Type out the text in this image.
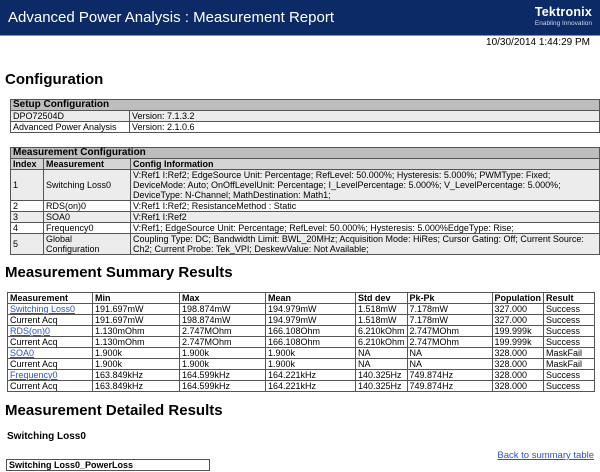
Advanced Power Analysis : Measurement Report	Tektronix
Enabling Innovation
10/30/2014 1:44:29 PM
Configuration
Setup Configuration	
DPO72504D	Version: 7.1.3.2
Advanced Power Analysis	Version: 2.1.0.6
Measurement Configuration		
Index	Measurement	Config Information
1	Switching Loss0	V:Ref1 I:Ref2; EdgeSource Unit: Percentage; RefLevel: 50.000%; Hysteresis: 5.000%; PWMType: Fixed; DeviceMode: Auto; OnOffLevelUnit: Percentage; I_LevelPercentage: 5.000%; V_LevelPercentage: 5.000%; DeviceType: N-Channel; MathDestination: Math1;
2	RDS(on)0	V:Ref1 I:Ref2; ResistanceMethod : Static
3	SOA0	V:Ref1 I:Ref2
4	Frequency0	V:Ref1; EdgeSource Unit: Percentage; RefLevel: 50.000%; Hysteresis: 5.000%EdgeType: Rise;
5	Global Configuration	Coupling Type: DC; Bandwidth Limit: BWL_20MHz; Acquisition Mode: HiRes; Cursor Gating: Off; Current Source: Ch2; Current Probe: Tek_VPI; DeskewValue: Not Available;
Measurement Summary Results
Measurement	Min	Max	Mean	Std dev	Pk-Pk	Population	Result
Switching Loss0	191.697mW	198.874mW	194.979mW	1.518mW	7.178mW	327.000	Success
Current Acq	191.697mW	198.874mW	194.979mW	1.518mW	7.178mW	327.000	Success
RDS(on)0	1.130mOhm	2.747MOhm	166.108Ohm	6.210kOhm	2.747MOhm	199.999k	Success
Current Acq	1.130mOhm	2.747MOhm	166.108Ohm	6.210kOhm	2.747MOhm	199.999k	Success
SOA0	1.900k	1.900k	1.900k	NA	NA	328.000	MaskFail
Current Acq	1.900k	1.900k	1.900k	NA	NA	328.000	MaskFail
Frequency0	163.849kHz	164.599kHz	164.221kHz	140.325Hz	749.874Hz	328.000	Success
Current Acq	163.849kHz	164.599kHz	164.221kHz	140.325Hz	749.874Hz	328.000	Success
Measurement Detailed Results
Switching Loss0
Back to summary table
Switching Loss0_PowerLoss
